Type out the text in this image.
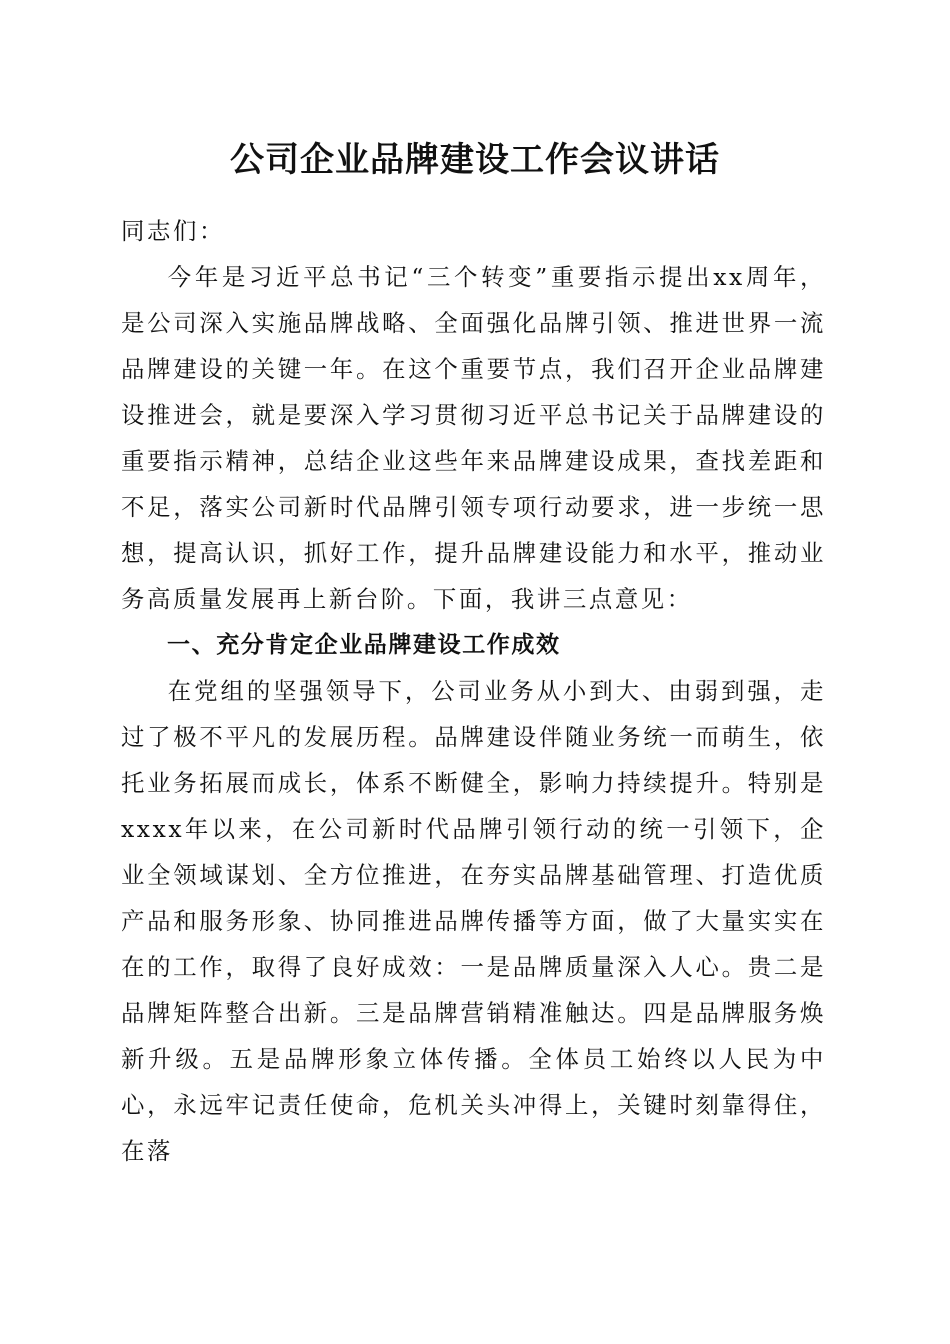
公司企业品牌建设工作会议讲话

同志们：

今年是习近平总书记“三个转变”重要指示提出xx周年，是公司深入实施品牌战略、全面强化品牌引领、推进世界一流品牌建设的关键一年。在这个重要节点，我们召开企业品牌建设推进会，就是要深入学习贯彻习近平总书记关于品牌建设的重要指示精神，总结企业这些年来品牌建设成果，查找差距和不足，落实公司新时代品牌引领专项行动要求，进一步统一思想，提高认识，抓好工作，提升品牌建设能力和水平，推动业务高质量发展再上新台阶。下面，我讲三点意见：

一、充分肯定企业品牌建设工作成效

在党组的坚强领导下，公司业务从小到大、由弱到强，走过了极不平凡的发展历程。品牌建设伴随业务统一而萌生，依托业务拓展而成长，体系不断健全，影响力持续提升。特别是xxxx年以来，在公司新时代品牌引领行动的统一引领下，企业全领域谋划、全方位推进，在夯实品牌基础管理、打造优质产品和服务形象、协同推进品牌传播等方面，做了大量实实在在的工作，取得了良好成效：一是品牌质量深入人心。贵二是品牌矩阵整合出新。三是品牌营销精准触达。四是品牌服务焕新升级。五是品牌形象立体传播。全体员工始终以人民为中心，永远牢记责任使命，危机关头冲得上，关键时刻靠得住，在落
